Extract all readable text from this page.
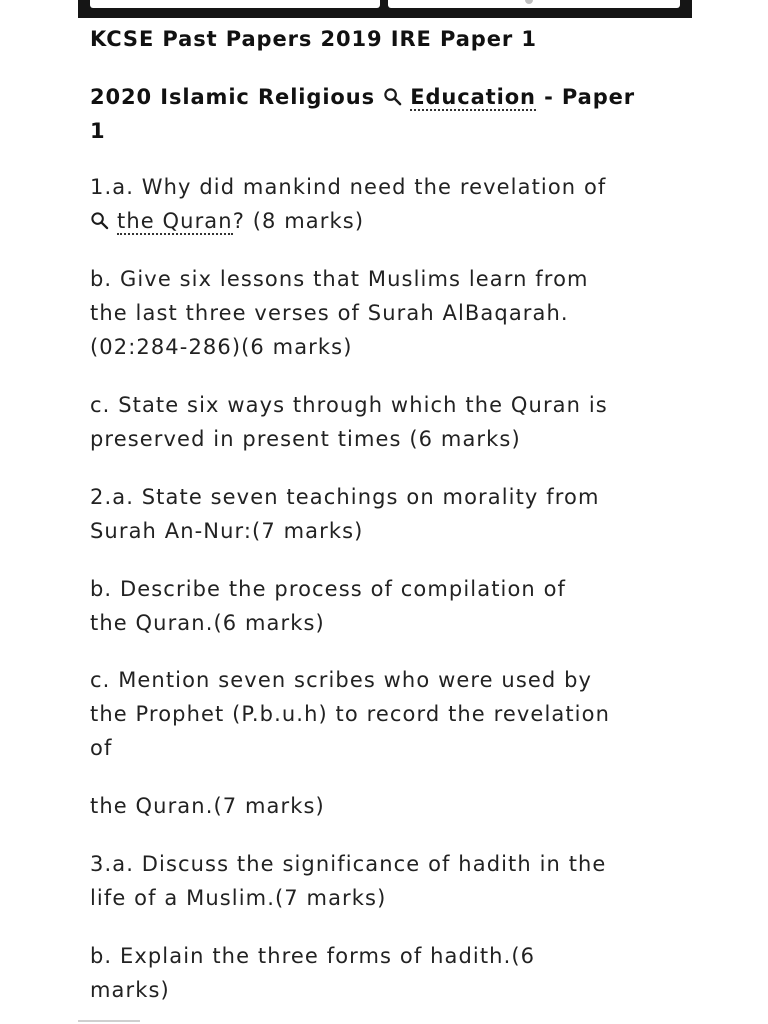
KCSE Past Papers 2019 IRE Paper 1

2020 Islamic Religious Education - Paper
1

1.a. Why did mankind need the revelation of
the Quran? (8 marks)

b. Give six lessons that Muslims learn from
the last three verses of Surah AlBaqarah.
(02:284-286)(6 marks)

c. State six ways through which the Quran is
preserved in present times (6 marks)

2.a. State seven teachings on morality from
Surah An-Nur:(7 marks)

b. Describe the process of compilation of
the Quran.(6 marks)

c. Mention seven scribes who were used by
the Prophet (P.b.u.h) to record the revelation
of

the Quran.(7 marks)

3.a. Discuss the significance of hadith in the
life of a Muslim.(7 marks)

b. Explain the three forms of hadith.(6
marks)
